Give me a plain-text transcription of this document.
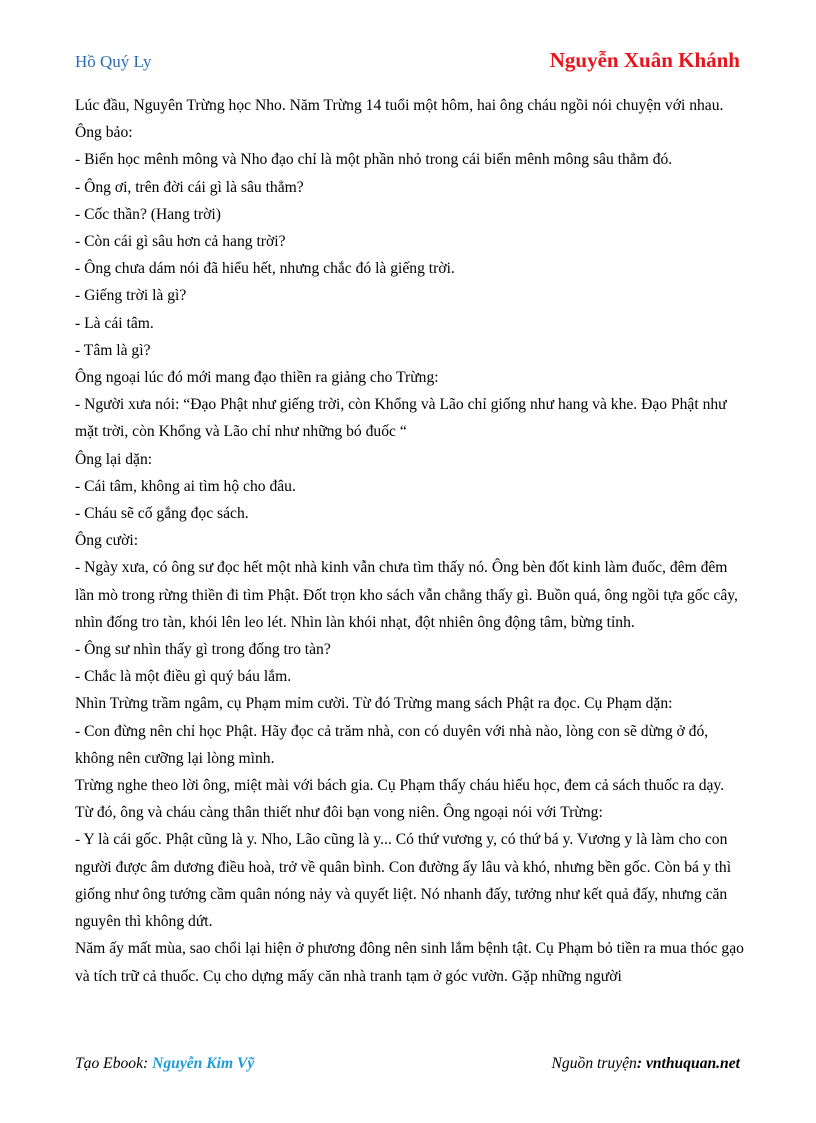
Hồ Quý Ly	Nguyễn Xuân Khánh

Lúc đầu, Nguyên Trừng học Nho. Năm Trừng 14 tuổi một hôm, hai ông cháu ngồi nói chuyện với nhau. Ông bảo:

- Biển học mênh mông và Nho đạo chỉ là một phần nhỏ trong cái biển mênh mông sâu thẳm đó.

- Ông ơi, trên đời cái gì là sâu thẳm?

- Cốc thần? (Hang trời)

- Còn cái gì sâu hơn cả hang trời?

- Ông chưa dám nói đã hiểu hết, nhưng chắc đó là giếng trời.

- Giếng trời là gì?

- Là cái tâm.

- Tâm là gì?

Ông ngoại lúc đó mới mang đạo thiền ra giảng cho Trừng:

- Người xưa nói: “Đạo Phật như giếng trời, còn Khổng và Lão chỉ giống như hang và khe. Đạo Phật như mặt trời, còn Khổng và Lão chỉ như những bó đuốc “

Ông lại dặn:

- Cái tâm, không ai tìm hộ cho đâu.

- Cháu sẽ cố gắng đọc sách.

Ông cười:

- Ngày xưa, có ông sư đọc hết một nhà kinh vẫn chưa tìm thấy nó. Ông bèn đốt kinh làm đuốc, đêm đêm lần mò trong rừng thiền đi tìm Phật. Đốt trọn kho sách vẫn chẳng thấy gì. Buồn quá, ông ngồi tựa gốc cây, nhìn đống tro tàn, khói lên leo lét. Nhìn làn khói nhạt, đột nhiên ông động tâm, bừng tỉnh.

- Ông sư nhìn thấy gì trong đống tro tàn?

- Chắc là một điều gì quý báu lắm.

Nhìn Trừng trầm ngâm, cụ Phạm mỉm cười. Từ đó Trừng mang sách Phật ra đọc. Cụ Phạm dặn:

- Con đừng nên chỉ học Phật. Hãy đọc cả trăm nhà, con có duyên với nhà nào, lòng con sẽ dừng ở đó, không nên cưỡng lại lòng mình.

Trừng nghe theo lời ông, miệt mài với bách gia. Cụ Phạm thấy cháu hiếu học, đem cả sách thuốc ra dạy. Từ đó, ông và cháu càng thân thiết như đôi bạn vong niên. Ông ngoại nói với Trừng:

- Y là cái gốc. Phật cũng là y. Nho, Lão cũng là y... Có thứ vương y, có thứ bá y. Vương y là làm cho con người được âm dương điều hoà, trở về quân bình. Con đường ấy lâu và khó, nhưng bền gốc. Còn bá y thì giống như ông tướng cầm quân nóng nảy và quyết liệt. Nó nhanh đấy, tưởng như kết quả đấy, nhưng căn nguyên thì không dứt.

Năm ấy mất mùa, sao chổi lại hiện ở phương đông nên sinh lắm bệnh tật. Cụ Phạm bỏ tiền ra mua thóc gạo và tích trữ cả thuốc. Cụ cho dựng mấy căn nhà tranh tạm ở góc vườn. Gặp những người

Tạo Ebook: Nguyễn Kim Vỹ	Nguồn truyện: vnthuquan.net
